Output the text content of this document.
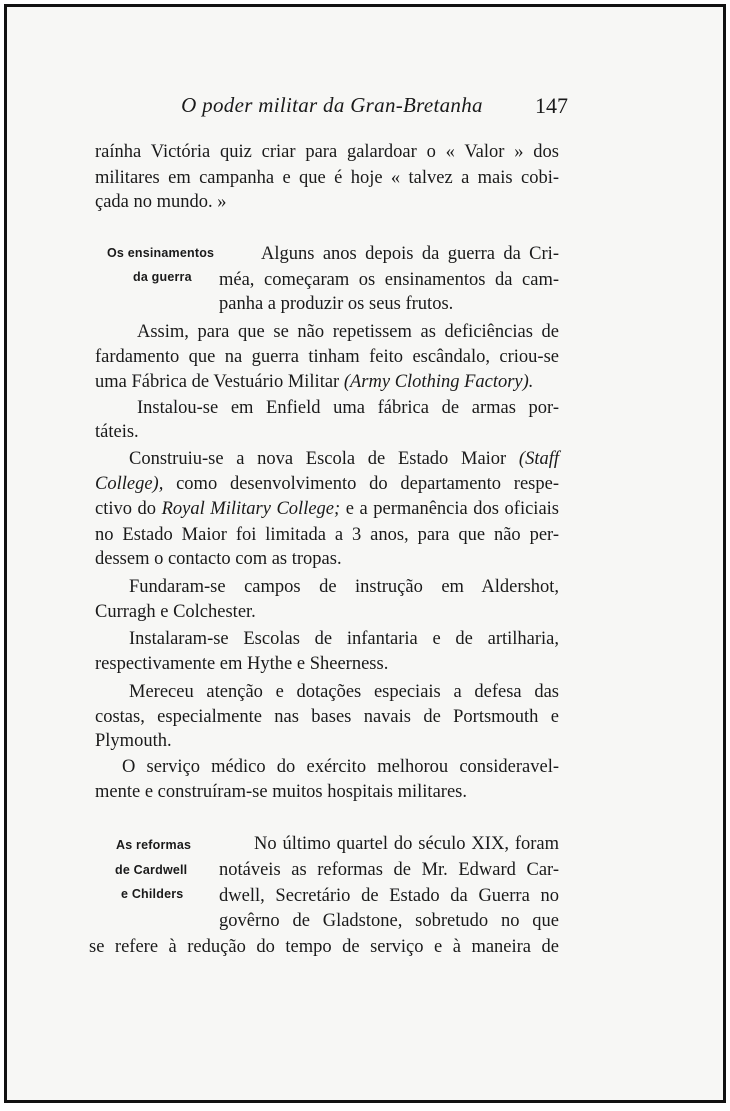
O poder militar da Gran-Bretanha	147
raínha Victória quiz criar para galardoar o « Valor » dos
militares em campanha e que é hoje « talvez a mais cobi-
çada no mundo. »
Os ensinamentos
da guerra
Alguns anos depois da guerra da Cri-
méa, começaram os ensinamentos da cam-
panha a produzir os seus frutos.
Assim, para que se não repetissem as deficiências de
fardamento que na guerra tinham feito escândalo, criou-se
uma Fábrica de Vestuário Militar (Army Clothing Factory).
Instalou-se em Enfield uma fábrica de armas por-
táteis.
Construiu-se a nova Escola de Estado Maior (Staff
College), como desenvolvimento do departamento respe-
ctivo do Royal Military College; e a permanência dos oficiais
no Estado Maior foi limitada a 3 anos, para que não per-
dessem o contacto com as tropas.
Fundaram-se campos de instrução em Aldershot,
Curragh e Colchester.
Instalaram-se Escolas de infantaria e de artilharia,
respectivamente em Hythe e Sheerness.
Mereceu atenção e dotações especiais a defesa das
costas, especialmente nas bases navais de Portsmouth e
Plymouth.
O serviço médico do exército melhorou consideravel-
mente e construíram-se muitos hospitais militares.
As reformas
de Cardwell
e Childers
No último quartel do século XIX, foram
notáveis as reformas de Mr. Edward Car-
dwell, Secretário de Estado da Guerra no
govêrno de Gladstone, sobretudo no que
se refere à redução do tempo de serviço e à maneira de
